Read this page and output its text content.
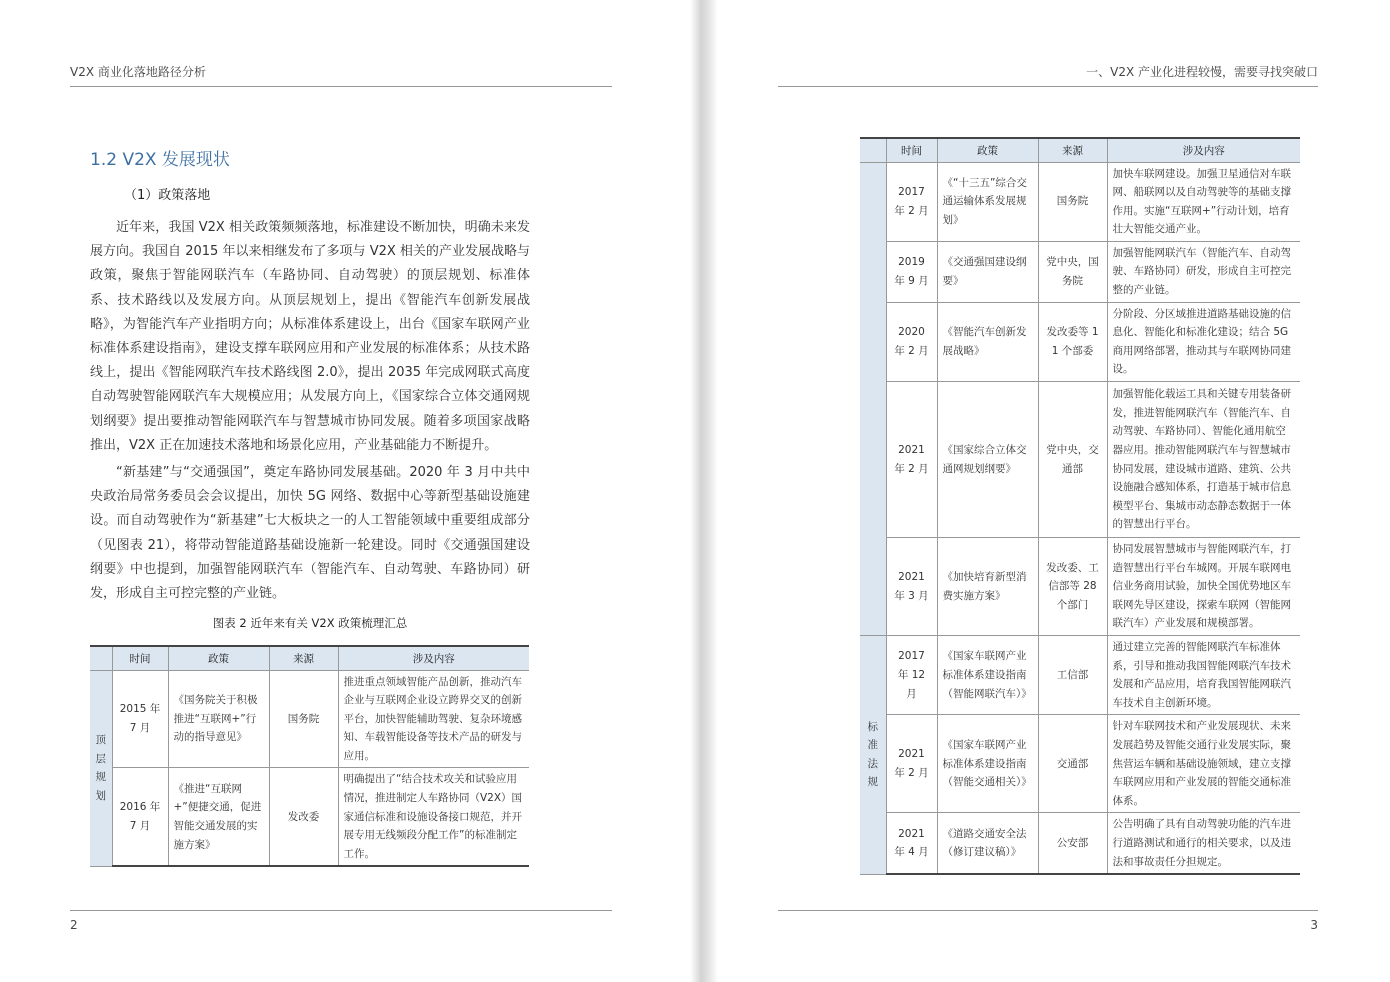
V2X 商业化落地路径分析
1.2 V2X 发展现状
（1）政策落地

近年来，我国 V2X 相关政策频频落地，标准建设不断加快，明确未来发展方向。我国自 2015 年以来相继发布了多项与 V2X 相关的产业发展战略与政策，聚焦于智能网联汽车（车路协同、自动驾驶）的顶层规划、标准体系、技术路线以及发展方向。从顶层规划上，提出《智能汽车创新发展战略》，为智能汽车产业指明方向；从标准体系建设上，出台《国家车联网产业标准体系建设指南》，建设支撑车联网应用和产业发展的标准体系；从技术路线上，提出《智能网联汽车技术路线图 2.0》，提出 2035 年完成网联式高度自动驾驶智能网联汽车大规模应用；从发展方向上，《国家综合立体交通网规划纲要》提出要推动智能网联汽车与智慧城市协同发展。随着多项国家战略推出，V2X 正在加速技术落地和场景化应用，产业基础能力不断提升。

“新基建”与“交通强国”，奠定车路协同发展基础。2020 年 3 月中共中央政治局常务委员会会议提出，加快 5G 网络、数据中心等新型基础设施建设。而自动驾驶作为“新基建”七大板块之一的人工智能领域中重要组成部分（见图表 21），将带动智能道路基础设施新一轮建设。同时《交通强国建设纲要》中也提到，加强智能网联汽车（智能汽车、自动驾驶、车路协同）研发，形成自主可控完整的产业链。

图表 2 近年来有关 V2X 政策梳理汇总
	时间	政策	来源	涉及内容
顶层规划	2015 年 7 月	《国务院关于积极推进“互联网+”行动的指导意见》	国务院	推进重点领域智能产品创新，推动汽车企业与互联网企业设立跨界交叉的创新平台，加快智能辅助驾驶、复杂环境感知、车载智能设备等技术产品的研发与应用。
	2016 年 7 月	《推进“互联网+”便捷交通，促进智能交通发展的实施方案》	发改委	明确提出了“结合技术攻关和试验应用情况，推进制定人车路协同（V2X）国家通信标准和设施设备接口规范，并开展专用无线频段分配工作”的标准制定工作。
2
一、V2X 产业化进程较慢，需要寻找突破口
3
	时间	政策	来源	涉及内容
	2017 年 2 月	《“十三五”综合交通运输体系发展规划》	国务院	加快车联网建设。加强卫星通信对车联网、船联网以及自动驾驶等的基础支撑作用。实施“互联网+”行动计划，培育壮大智能交通产业。
	2019 年 9 月	《交通强国建设纲要》	党中央，国务院	加强智能网联汽车（智能汽车、自动驾驶、车路协同）研发，形成自主可控完整的产业链。
	2020 年 2 月	《智能汽车创新发展战略》	发改委等 11 个部委	分阶段、分区域推进道路基础设施的信息化、智能化和标准化建设；结合 5G 商用网络部署，推动其与车联网协同建设。
	2021 年 2 月	《国家综合立体交通网规划纲要》	党中央，交通部	加强智能化载运工具和关键专用装备研发，推进智能网联汽车（智能汽车、自动驾驶、车路协同）、智能化通用航空器应用。推动智能网联汽车与智慧城市协同发展，建设城市道路、建筑、公共设施融合感知体系，打造基于城市信息模型平台、集城市动态静态数据于一体的智慧出行平台。
	2021 年 3 月	《加快培育新型消费实施方案》	发改委、工信部等 28 个部门	协同发展智慧城市与智能网联汽车，打造智慧出行平台车城网。开展车联网电信业务商用试验，加快全国优势地区车联网先导区建设，探索车联网（智能网联汽车）产业发展和规模部署。
标准法规	2017 年 12 月	《国家车联网产业标准体系建设指南（智能网联汽车）》	工信部	通过建立完善的智能网联汽车标准体系，引导和推动我国智能网联汽车技术发展和产品应用，培育我国智能网联汽车技术自主创新环境。
	2021 年 2 月	《国家车联网产业标准体系建设指南（智能交通相关）》	交通部	针对车联网技术和产业发展现状、未来发展趋势及智能交通行业发展实际，聚焦营运车辆和基础设施领域，建立支撑车联网应用和产业发展的智能交通标准体系。
	2021 年 4 月	《道路交通安全法（修订建议稿）》	公安部	公告明确了具有自动驾驶功能的汽车进行道路测试和通行的相关要求，以及违法和事故责任分担规定。
